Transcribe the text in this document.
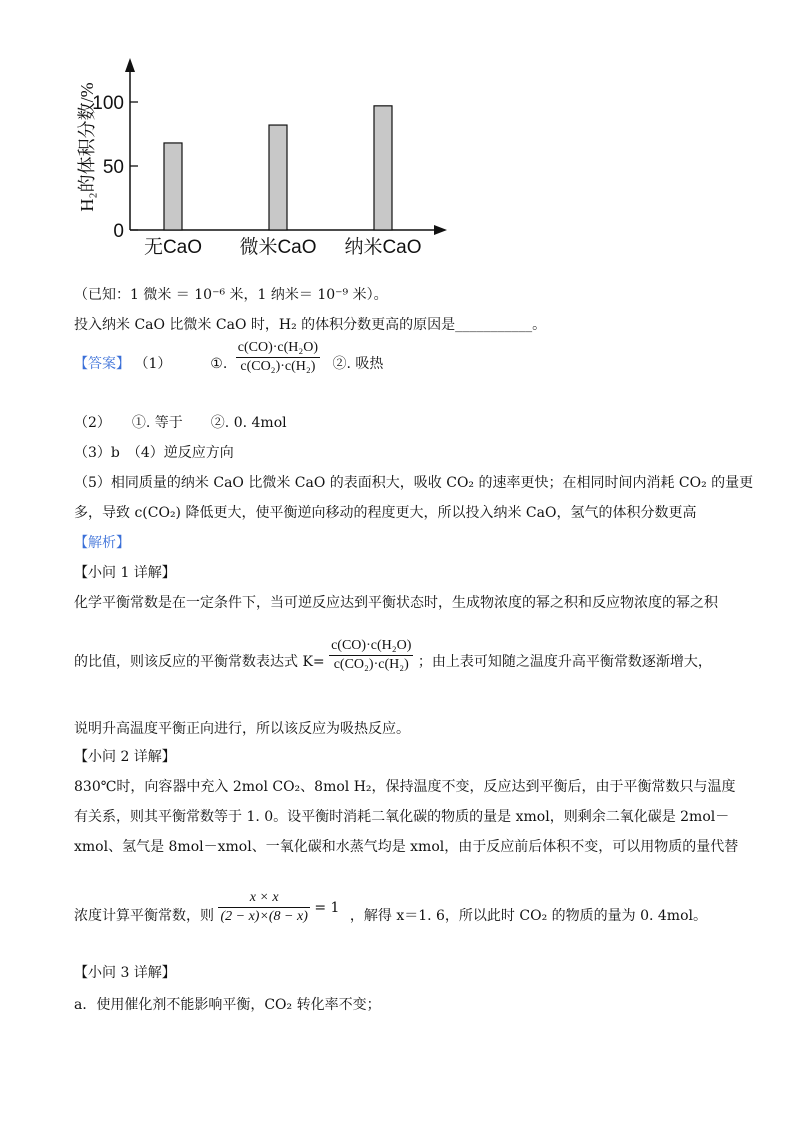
0
50
100
无CaO 微米CaO 纳米CaO
H₂的体积分数/%
（已知：1 微米 ＝ 10⁻⁶ 米，1 纳米＝ 10⁻⁹ 米）。
投入纳米 CaO 比微米 CaO 时，H₂ 的体积分数更高的原因是___________。
【答案】 （1）	①. $\frac{\text{c(CO)·c(H₂O)}}{\text{c(CO₂)·c(H₂)}}$ ②. 吸热
（2）　　①. 等于　　②. 0. 4mol
（3）b　（4）逆反应方向
（5）相同质量的纳米 CaO 比微米 CaO 的表面积大，吸收 CO₂ 的速率更快；在相同时间内消耗 CO₂ 的量更
多，导致 c(CO₂) 降低更大，使平衡逆向移动的程度更大，所以投入纳米 CaO，氢气的体积分数更高
【解析】
【小问 1 详解】
化学平衡常数是在一定条件下，当可逆反应达到平衡状态时，生成物浓度的幂之积和反应物浓度的幂之积
的比值，则该反应的平衡常数表达式 $K= \frac{\text{c(CO)·c(H₂O)}}{\text{c(CO₂)·c(H₂)}}$ ；由上表可知随之温度升高平衡常数逐渐增大，
说明升高温度平衡正向进行，所以该反应为吸热反应。
【小问 2 详解】
830℃时，向容器中充入 2mol CO₂、8mol H₂，保持温度不变，反应达到平衡后，由于平衡常数只与温度
有关系，则其平衡常数等于 1. 0。设平衡时消耗二氧化碳的物质的量是 xmol，则剩余二氧化碳是 2mol－
xmol、氢气是 8mol－xmol、一氧化碳和水蒸气均是 xmol，由于反应前后体积不变，可以用物质的量代替
浓度计算平衡常数，则 $\frac{x \times x}{(2 - x)\times(8 - x)} = 1$ ，解得 x＝1. 6，所以此时 CO₂ 的物质的量为 0. 4mol。
【小问 3 详解】
a．使用催化剂不能影响平衡，CO₂ 转化率不变；
